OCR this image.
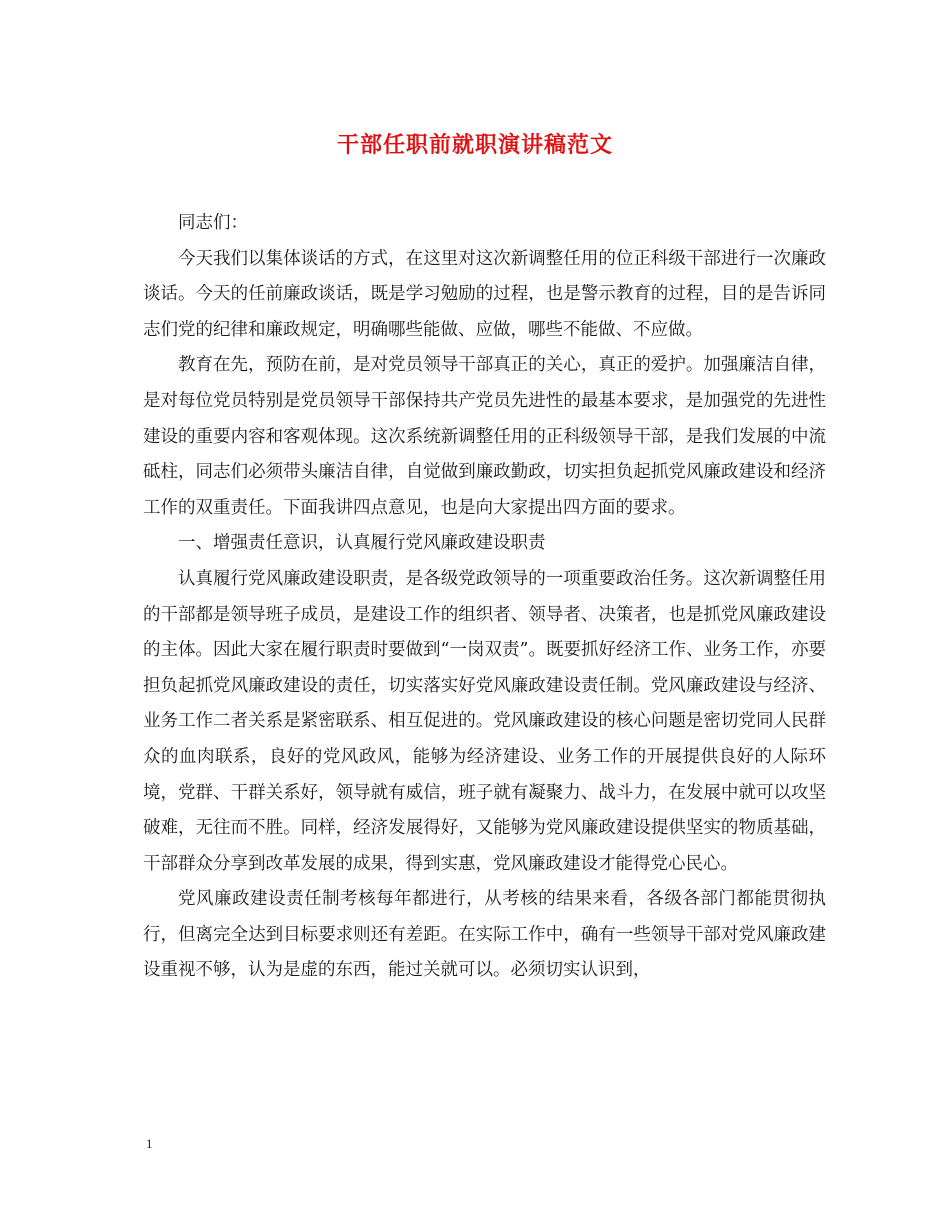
干部任职前就职演讲稿范文

同志们：

今天我们以集体谈话的方式，在这里对这次新调整任用的位正科级干部进行一次廉政谈话。今天的任前廉政谈话，既是学习勉励的过程，也是警示教育的过程，目的是告诉同志们党的纪律和廉政规定，明确哪些能做、应做，哪些不能做、不应做。

教育在先，预防在前，是对党员领导干部真正的关心，真正的爱护。加强廉洁自律，是对每位党员特别是党员领导干部保持共产党员先进性的最基本要求，是加强党的先进性建设的重要内容和客观体现。这次系统新调整任用的正科级领导干部，是我们发展的中流砥柱，同志们必须带头廉洁自律，自觉做到廉政勤政，切实担负起抓党风廉政建设和经济工作的双重责任。下面我讲四点意见，也是向大家提出四方面的要求。

一、增强责任意识，认真履行党风廉政建设职责

认真履行党风廉政建设职责，是各级党政领导的一项重要政治任务。这次新调整任用的干部都是领导班子成员，是建设工作的组织者、领导者、决策者，也是抓党风廉政建设的主体。因此大家在履行职责时要做到“一岗双责”。既要抓好经济工作、业务工作，亦要担负起抓党风廉政建设的责任，切实落实好党风廉政建设责任制。党风廉政建设与经济、业务工作二者关系是紧密联系、相互促进的。党风廉政建设的核心问题是密切党同人民群众的血肉联系，良好的党风政风，能够为经济建设、业务工作的开展提供良好的人际环境，党群、干群关系好，领导就有威信，班子就有凝聚力、战斗力，在发展中就可以攻坚破难，无往而不胜。同样，经济发展得好，又能够为党风廉政建设提供坚实的物质基础，干部群众分享到改革发展的成果，得到实惠，党风廉政建设才能得党心民心。

党风廉政建设责任制考核每年都进行，从考核的结果来看，各级各部门都能贯彻执行，但离完全达到目标要求则还有差距。在实际工作中，确有一些领导干部对党风廉政建设重视不够，认为是虚的东西，能过关就可以。必须切实认识到，

1
